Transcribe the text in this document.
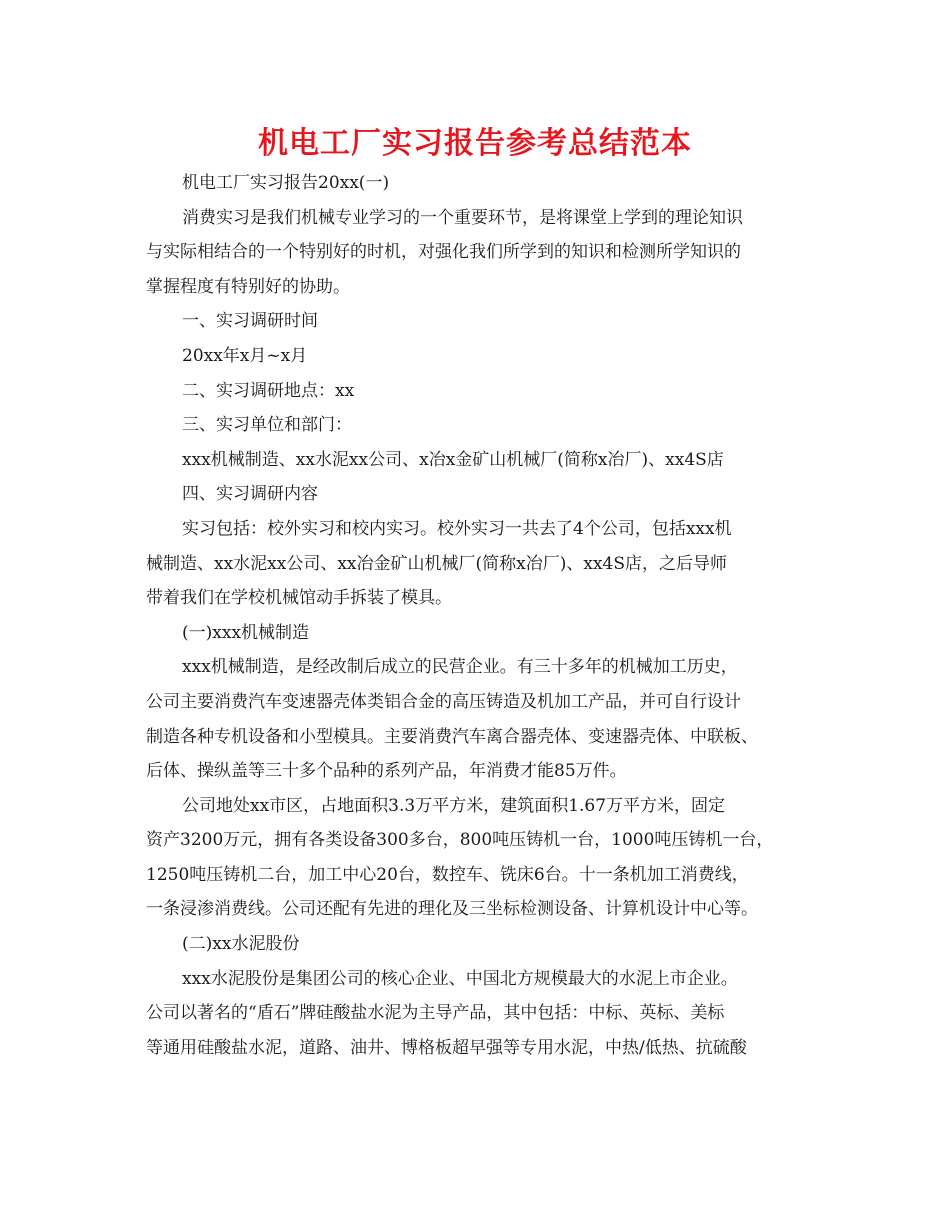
机电工厂实习报告参考总结范本

机电工厂实习报告20xx(一)

消费实习是我们机械专业学习的一个重要环节，是将课堂上学到的理论知识
与实际相结合的一个特别好的时机，对强化我们所学到的知识和检测所学知识的
掌握程度有特别好的协助。

一、实习调研时间

20xx年x月~x月

二、实习调研地点：xx

三、实习单位和部门：

xxx机械制造、xx水泥xx公司、x冶x金矿山机械厂(简称x冶厂)、xx4S店

四、实习调研内容

实习包括：校外实习和校内实习。校外实习一共去了4个公司，包括xxx机
械制造、xx水泥xx公司、xx冶金矿山机械厂(简称x冶厂)、xx4S店，之后导师
带着我们在学校机械馆动手拆装了模具。

(一)xxx机械制造

xxx机械制造，是经改制后成立的民营企业。有三十多年的机械加工历史，
公司主要消费汽车变速器壳体类铝合金的高压铸造及机加工产品，并可自行设计
制造各种专机设备和小型模具。主要消费汽车离合器壳体、变速器壳体、中联板、
后体、操纵盖等三十多个品种的系列产品，年消费才能85万件。

公司地处xx市区，占地面积3.3万平方米，建筑面积1.67万平方米，固定
资产3200万元，拥有各类设备300多台，800吨压铸机一台，1000吨压铸机一台，
1250吨压铸机二台，加工中心20台，数控车、铣床6台。十一条机加工消费线，
一条浸渗消费线。公司还配有先进的理化及三坐标检测设备、计算机设计中心等。

(二)xx水泥股份

xxx水泥股份是集团公司的核心企业、中国北方规模最大的水泥上市企业。
公司以著名的“盾石”牌硅酸盐水泥为主导产品，其中包括：中标、英标、美标
等通用硅酸盐水泥，道路、油井、博格板超早强等专用水泥，中热/低热、抗硫酸
